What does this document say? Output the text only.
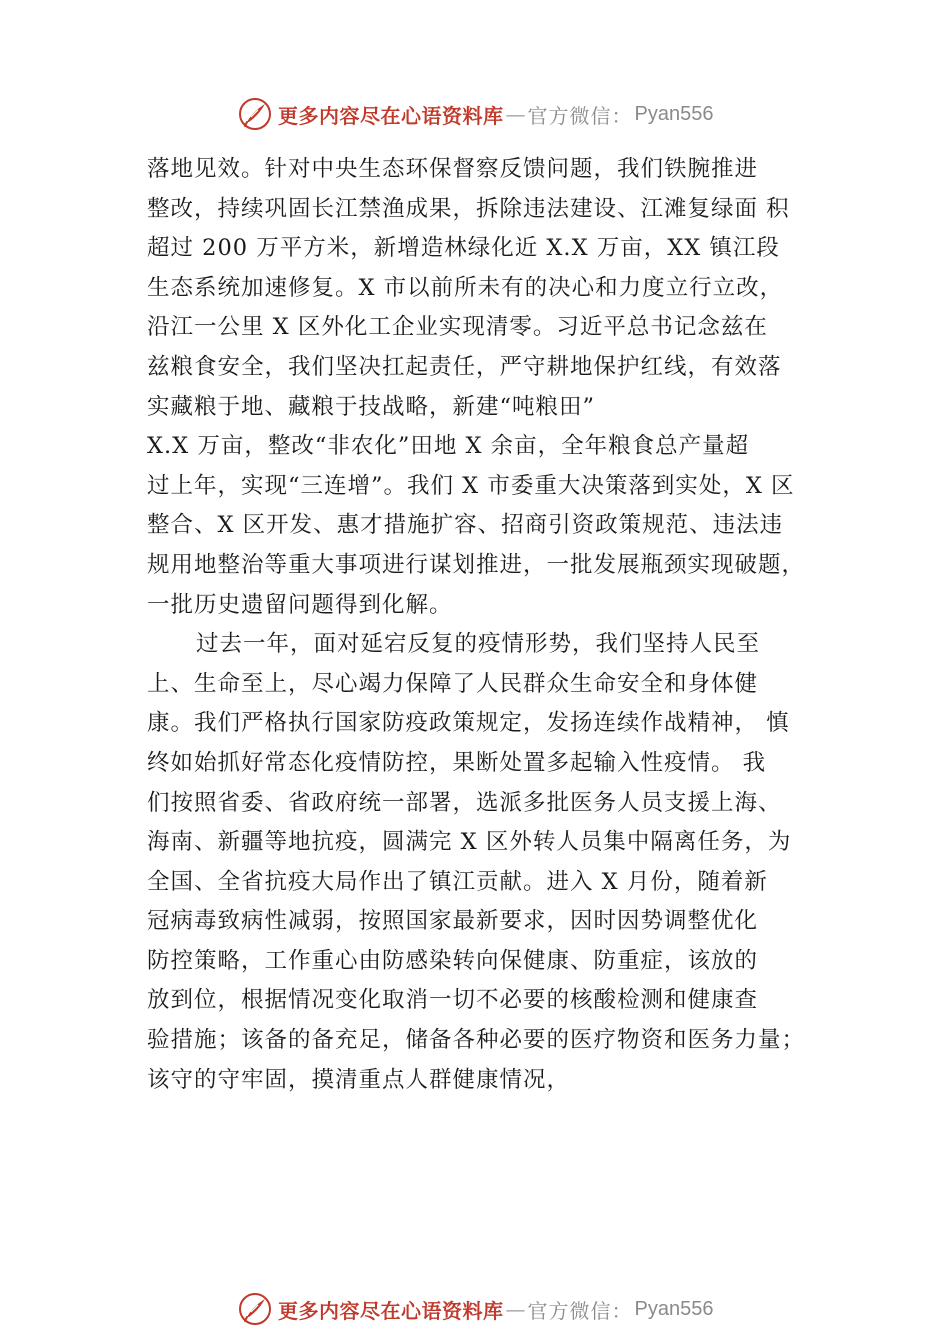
更多内容尽在心语资料库 — 官方微信： Pyan556
落地见效。针对中央生态环保督察反馈问题，我们铁腕推进
整改，持续巩固长江禁渔成果，拆除违法建设、江滩复绿面 积
超过 200 万平方米，新增造林绿化近 X.X 万亩，XX 镇江段
生态系统加速修复。X 市以前所未有的决心和力度立行立改，
沿江一公里 X 区外化工企业实现清零。习近平总书记念兹在
兹粮食安全，我们坚决扛起责任，严守耕地保护红线，有效落
实藏粮于地、藏粮于技战略，新建“吨粮田”
X.X 万亩，整改“非农化”田地 X 余亩，全年粮食总产量超
过上年，实现“三连增”。我们 X 市委重大决策落到实处，X 区
整合、X 区开发、惠才措施扩容、招商引资政策规范、违法违
规用地整治等重大事项进行谋划推进，一批发展瓶颈实现破题，
一批历史遗留问题得到化解。
过去一年，面对延宕反复的疫情形势，我们坚持人民至
上、生命至上，尽心竭力保障了人民群众生命安全和身体健
康。我们严格执行国家防疫政策规定，发扬连续作战精神， 慎
终如始抓好常态化疫情防控，果断处置多起输入性疫情。 我
们按照省委、省政府统一部署，选派多批医务人员支援上海、
海南、新疆等地抗疫，圆满完 X 区外转人员集中隔离任务，为
全国、全省抗疫大局作出了镇江贡献。进入 X 月份，随着新
冠病毒致病性减弱，按照国家最新要求，因时因势调整优化
防控策略，工作重心由防感染转向保健康、防重症，该放的
放到位，根据情况变化取消一切不必要的核酸检测和健康查
验措施；该备的备充足，储备各种必要的医疗物资和医务力量；
该守的守牢固，摸清重点人群健康情况，
更多内容尽在心语资料库 — 官方微信： Pyan556
